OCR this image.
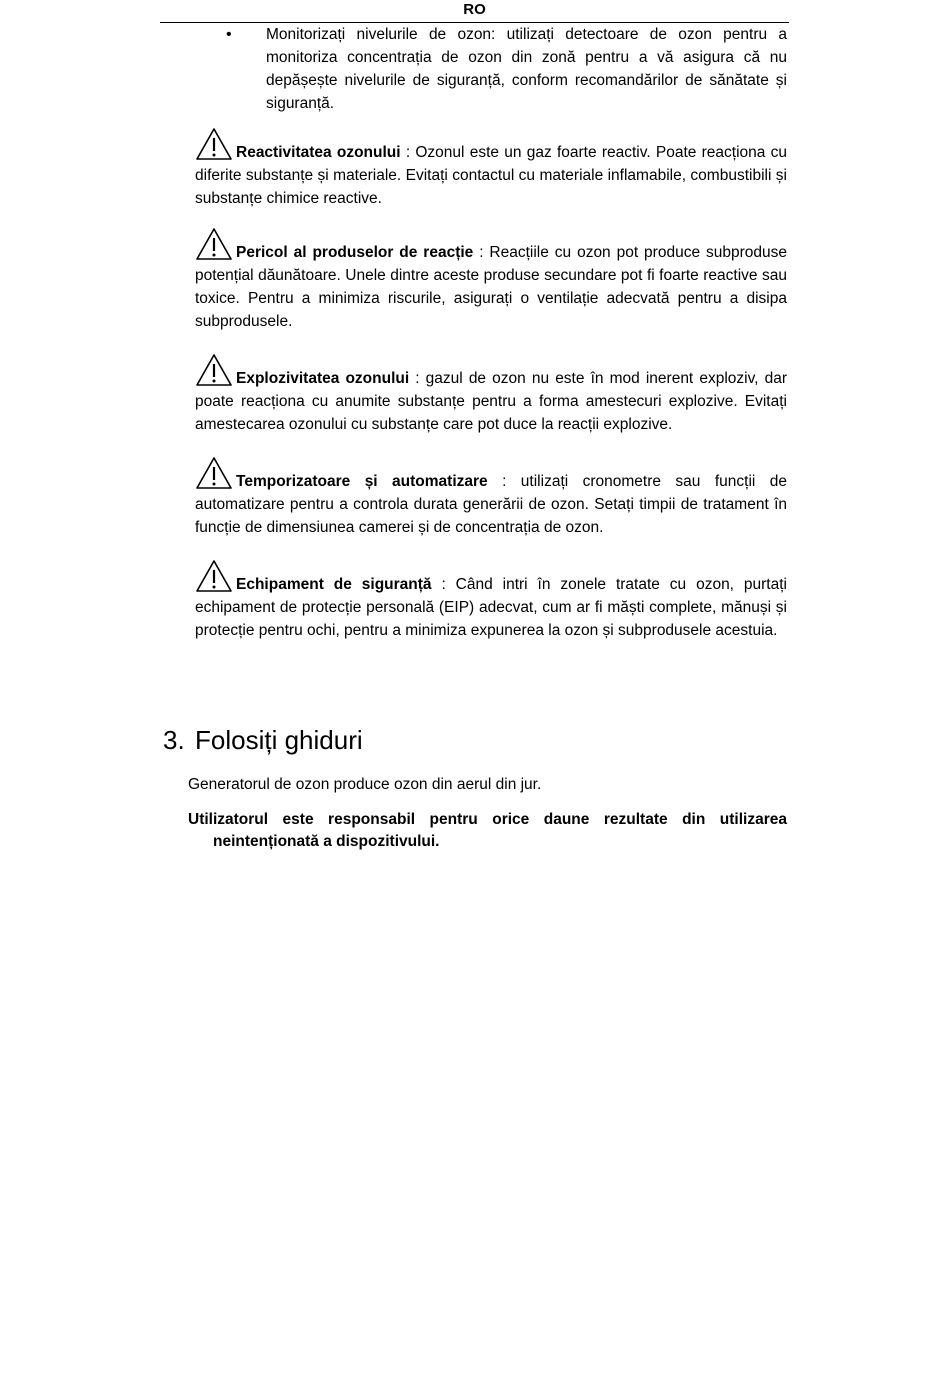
RO
• Monitorizați nivelurile de ozon: utilizați detectoare de ozon pentru a monitoriza concentrația de ozon din zonă pentru a vă asigura că nu depășește nivelurile de siguranță, conform recomandărilor de sănătate și siguranță.
Reactivitatea ozonului : Ozonul este un gaz foarte reactiv. Poate reacționa cu diferite substanțe și materiale. Evitați contactul cu materiale inflamabile, combustibili și substanțe chimice reactive.
Pericol al produselor de reacție : Reacțiile cu ozon pot produce subproduse potențial dăunătoare. Unele dintre aceste produse secundare pot fi foarte reactive sau toxice. Pentru a minimiza riscurile, asigurați o ventilație adecvată pentru a disipa subprodusele.
Explozivitatea ozonului : gazul de ozon nu este în mod inerent exploziv, dar poate reacționa cu anumite substanțe pentru a forma amestecuri explozive. Evitați amestecarea ozonului cu substanțe care pot duce la reacții explozive.
Temporizatoare și automatizare : utilizați cronometre sau funcții de automatizare pentru a controla durata generării de ozon. Setați timpii de tratament în funcție de dimensiunea camerei și de concentrația de ozon.
Echipament de siguranță : Când intri în zonele tratate cu ozon, purtați echipament de protecție personală (EIP) adecvat, cum ar fi măști complete, mănuși și protecție pentru ochi, pentru a minimiza expunerea la ozon și subprodusele acestuia.
3. Folosiți ghiduri
Generatorul de ozon produce ozon din aerul din jur.
Utilizatorul este responsabil pentru orice daune rezultate din utilizarea neintenționată a dispozitivului.
